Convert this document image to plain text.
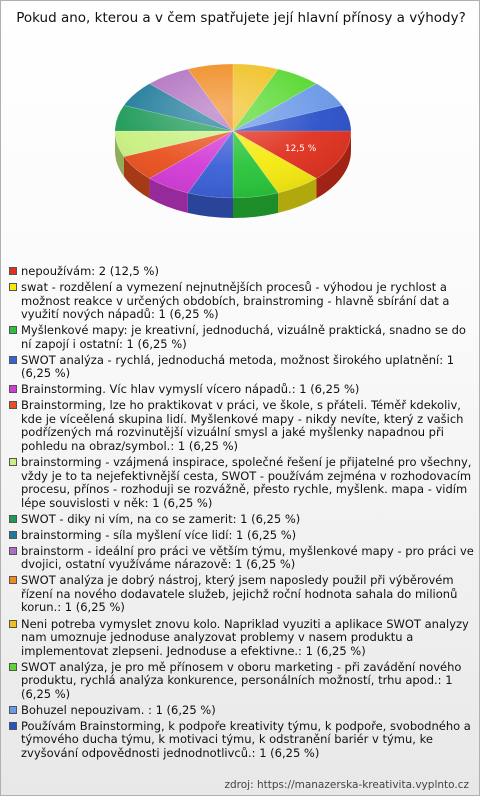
Pokud ano, kterou a v čem spatřujete její hlavní přínosy a výhody?
12,5 %
nepoužívám: 2 (12,5 %)
swat - rozdělení a vymezení nejnutnějších procesů - výhodou je rychlost a možnost reakce v určených obdobích, brainstroming - hlavně sbírání dat a využití nových nápadů: 1 (6,25 %)
Myšlenkové mapy: je kreativní, jednoduchá, vizuálně praktická, snadno se do ní zapojí i ostatní: 1 (6,25 %)
SWOT analýza - rychlá, jednoduchá metoda, možnost širokého uplatnění: 1 (6,25 %)
Brainstorming. Víc hlav vymyslí vícero nápadů.: 1 (6,25 %)
Brainstorming, lze ho praktikovat v práci, ve škole, s přáteli. Téměř kdekoliv, kde je víceělená skupina lidí. Myšlenkové mapy - nikdy nevíte, který z vašich podřízených má rozvinutější vizuální smysl a jaké myšlenky napadnou při pohledu na obraz/symbol.: 1 (6,25 %)
brainstorming - vzájmená inspirace, společné řešení je přijatelné pro všechny, vždy je to ta nejefektivnější cesta, SWOT - používám zejména v rozhodovacím procesu, přínos - rozhoduji se rozvážně, přesto rychle, myšlenk. mapa - vidím lépe souvislosti v něk: 1 (6,25 %)
SWOT - diky ni vím, na co se zamerit: 1 (6,25 %)
brainstorming - síla myšlení více lidí: 1 (6,25 %)
brainstorm - ideální pro práci ve větším týmu, myšlenkové mapy - pro práci ve dvojici, ostatní využíváme nárazově: 1 (6,25 %)
SWOT analýza je dobrý nástroj, který jsem naposledy použil při výběrovém řízení na nového dodavatele služeb, jejichž roční hodnota sahala do milionů korun.: 1 (6,25 %)
Neni potreba vymyslet znovu kolo. Napriklad vyuziti a aplikace SWOT analyzy nam umoznuje jednoduse analyzovat problemy v nasem produktu a implementovat zlepseni. Jednoduse a efektivne.: 1 (6,25 %)
SWOT analýza, je pro mě přínosem v oboru marketing - při zavádění nového produktu, rychlá analýza konkurence, personálních možností, trhu apod.: 1 (6,25 %)
Bohuzel nepouzivam. : 1 (6,25 %)
Používám Brainstorming, k podpoře kreativity týmu, k podpoře, svobodného a týmového ducha týmu, k motivaci týmu, k odstranění bariér v týmu, ke zvyšování odpovědnosti jednodnotlivců.: 1 (6,25 %)
zdroj: https://manazerska-kreativita.vyplnto.cz
